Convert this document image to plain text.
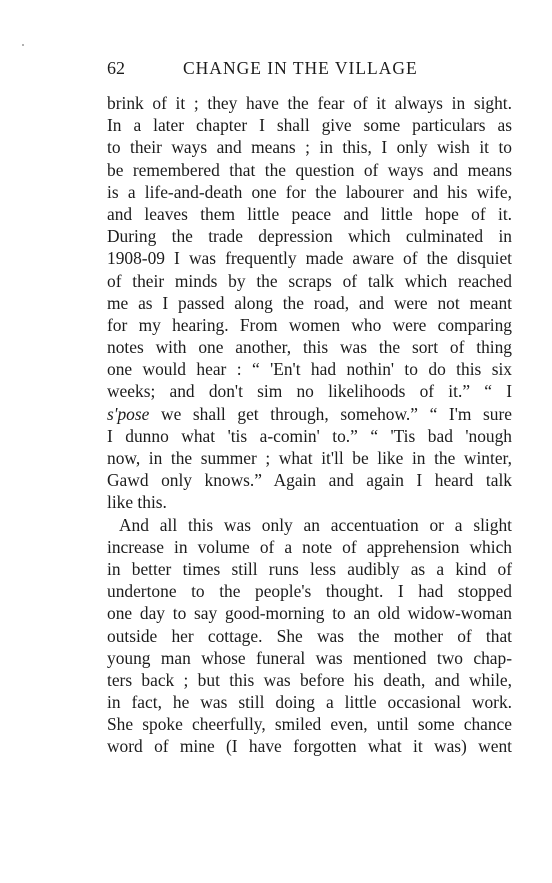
62	CHANGE IN THE VILLAGE
brink of it ; they have the fear of it always in sight.
In a later chapter I shall give some particulars as
to their ways and means ; in this, I only wish it to
be remembered that the question of ways and means
is a life-and-death one for the labourer and his wife,
and leaves them little peace and little hope of it.
During the trade depression which culminated in
1908-09 I was frequently made aware of the disquiet
of their minds by the scraps of talk which reached
me as I passed along the road, and were not meant
for my hearing. From women who were comparing
notes with one another, this was the sort of thing
one would hear : “ 'En't had nothin' to do this six
weeks; and don't sim no likelihoods of it.” “ I
s'pose we shall get through, somehow.” “ I'm sure
I dunno what 'tis a-comin' to.” “ 'Tis bad 'nough
now, in the summer ; what it'll be like in the winter,
Gawd only knows.” Again and again I heard talk
like this.
And all this was only an accentuation or a slight
increase in volume of a note of apprehension which
in better times still runs less audibly as a kind of
undertone to the people's thought. I had stopped
one day to say good-morning to an old widow-woman
outside her cottage. She was the mother of that
young man whose funeral was mentioned two chap-
ters back ; but this was before his death, and while,
in fact, he was still doing a little occasional work.
She spoke cheerfully, smiled even, until some chance
word of mine (I have forgotten what it was) went
